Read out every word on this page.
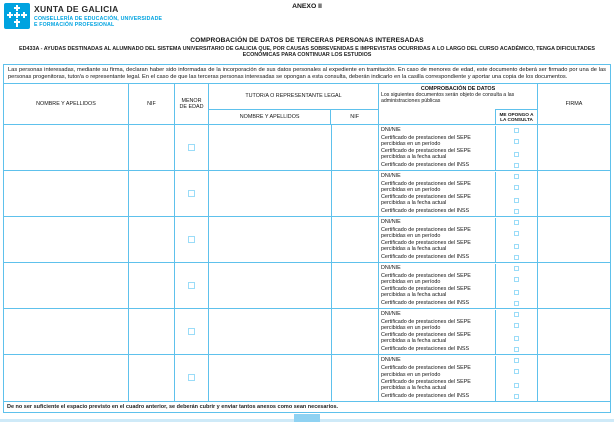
XUNTA DE GALICIA
CONSELLERÍA DE EDUCACIÓN, UNIVERSIDADE
E FORMACIÓN PROFESIONAL
ANEXO II
COMPROBACIÓN DE DATOS DE TERCERAS PERSONAS INTERESADAS
ED433A - AYUDAS DESTINADAS AL ALUMNADO DEL SISTEMA UNIVERSITARIO DE GALICIA QUE, POR CAUSAS SOBREVENIDAS E IMPREVISTAS OCURRIDAS A LO LARGO DEL CURSO ACADÉMICO, TENGA DIFICULTADES ECONÓMICAS PARA CONTINUAR LOS ESTUDIOS
Las personas interesadas, mediante su firma, declaran haber sido informadas de la incorporación de sus datos personales al expediente en tramitación. En caso de menores de edad, este documento deberá ser firmado por una de las personas progenitoras, tutor/a o representante legal. En el caso de que las terceras personas interesadas se opongan a esta consulta, deberán indicarlo en la casilla correspondiente y aportar una copia de los documentos.
NOMBRE Y APELLIDOS	NIF
MENOR DE EDAD
TUTOR/A O REPRESENTANTE LEGAL
NOMBRE Y APELLIDOS	NIF
COMPROBACIÓN DE DATOS
Los siguientes documentos serán objeto de consulta a las administraciones públicas
ME OPONGO A LA CONSULTA
FIRMA
DNI/NIE
Certificado de prestaciones del SEPE
percibidas en un período
Certificado de prestaciones del SEPE
percibidas a la fecha actual
Certificado de prestaciones del INSS
DNI/NIE
Certificado de prestaciones del SEPE
percibidas en un período
Certificado de prestaciones del SEPE
percibidas a la fecha actual
Certificado de prestaciones del INSS
DNI/NIE
Certificado de prestaciones del SEPE
percibidas en un período
Certificado de prestaciones del SEPE
percibidas a la fecha actual
Certificado de prestaciones del INSS
DNI/NIE
Certificado de prestaciones del SEPE
percibidas en un período
Certificado de prestaciones del SEPE
percibidas a la fecha actual
Certificado de prestaciones del INSS
DNI/NIE
Certificado de prestaciones del SEPE
percibidas en un período
Certificado de prestaciones del SEPE
percibidas a la fecha actual
Certificado de prestaciones del INSS
DNI/NIE
Certificado de prestaciones del SEPE
percibidas en un período
Certificado de prestaciones del SEPE
percibidas a la fecha actual
Certificado de prestaciones del INSS
De no ser suficiente el espacio previsto en el cuadro anterior, se deberán cubrir y enviar tantos anexos como sean necesarios.
